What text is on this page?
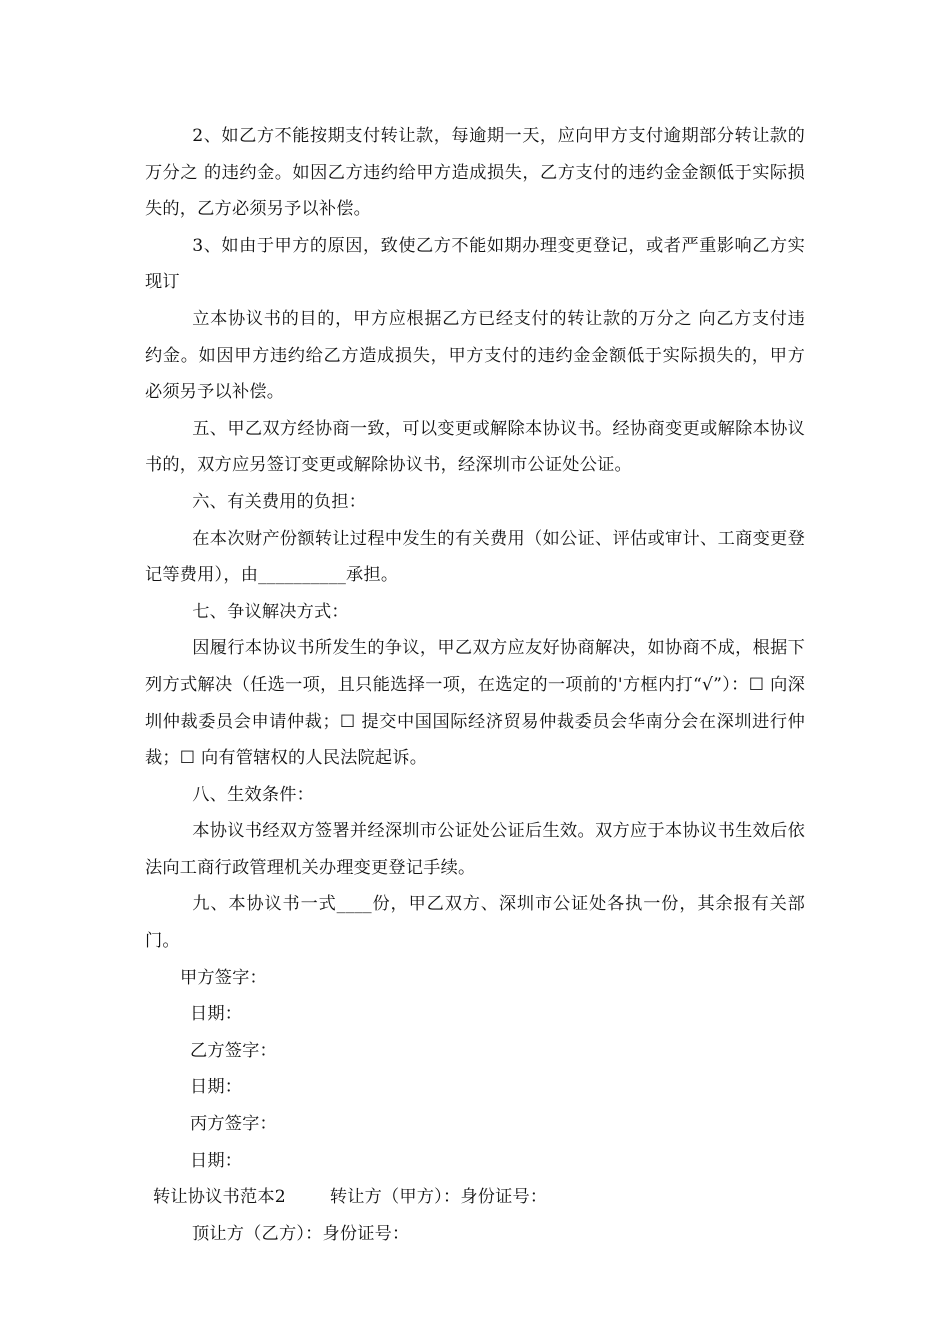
2、如乙方不能按期支付转让款，每逾期一天，应向甲方支付逾期部分转让款的万分之 的违约金。如因乙方违约给甲方造成损失，乙方支付的违约金金额低于实际损失的，乙方必须另予以补偿。

3、如由于甲方的原因，致使乙方不能如期办理变更登记，或者严重影响乙方实现订

立本协议书的目的，甲方应根据乙方已经支付的转让款的万分之 向乙方支付违约金。如因甲方违约给乙方造成损失，甲方支付的违约金金额低于实际损失的，甲方必须另予以补偿。

五、甲乙双方经协商一致，可以变更或解除本协议书。经协商变更或解除本协议书的，双方应另签订变更或解除协议书，经深圳市公证处公证。

六、有关费用的负担：

在本次财产份额转让过程中发生的有关费用（如公证、评估或审计、工商变更登记等费用），由__________承担。

七、争议解决方式：

因履行本协议书所发生的争议，甲乙双方应友好协商解决，如协商不成，根据下列方式解决（任选一项，且只能选择一项，在选定的一项前的'方框内打“√”）：☐ 向深圳仲裁委员会申请仲裁；☐ 提交中国国际经济贸易仲裁委员会华南分会在深圳进行仲裁；☐ 向有管辖权的人民法院起诉。

八、生效条件：

本协议书经双方签署并经深圳市公证处公证后生效。双方应于本协议书生效后依法向工商行政管理机关办理变更登记手续。

九、本协议书一式____份，甲乙双方、深圳市公证处各执一份，其余报有关部门。

甲方签字：

日期：

乙方签字：

日期：

丙方签字：

日期：

转让协议书范本2	转让方（甲方）：身份证号：

顶让方（乙方）：身份证号：
